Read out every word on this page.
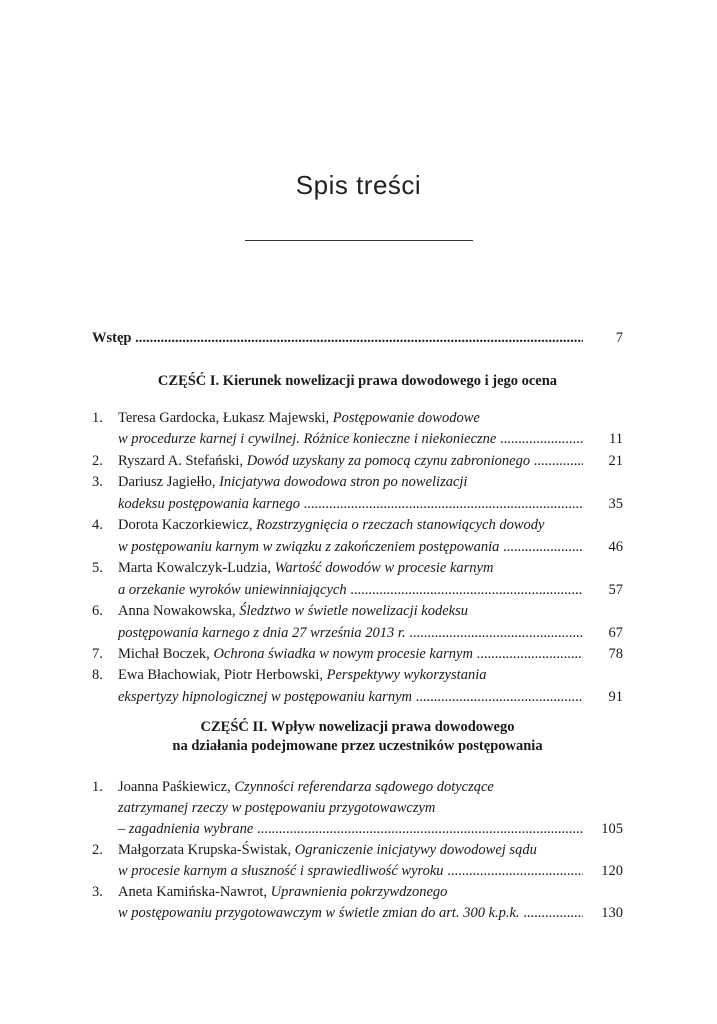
Spis treści
Wstęp .....	7
CZĘŚĆ I. Kierunek nowelizacji prawa dowodowego i jego ocena
1. Teresa Gardocka, Łukasz Majewski, Postępowanie dowodowe
w procedurze karnej i cywilnej. Różnice konieczne i niekonieczne .....	11
2. Ryszard A. Stefański, Dowód uzyskany za pomocą czynu zabronionego .....	21
3. Dariusz Jagiełło, Inicjatywa dowodowa stron po nowelizacji
kodeksu postępowania karnego .....	35
4. Dorota Kaczorkiewicz, Rozstrzygnięcia o rzeczach stanowiących dowody
w postępowaniu karnym w związku z zakończeniem postępowania .....	46
5. Marta Kowalczyk-Ludzia, Wartość dowodów w procesie karnym
a orzekanie wyroków uniewinniających .....	57
6. Anna Nowakowska, Śledztwo w świetle nowelizacji kodeksu
postępowania karnego z dnia 27 września 2013 r. .....	67
7. Michał Boczek, Ochrona świadka w nowym procesie karnym .....	78
8. Ewa Błachowiak, Piotr Herbowski, Perspektywy wykorzystania
ekspertyzy hipnologicznej w postępowaniu karnym .....	91
CZĘŚĆ II. Wpływ nowelizacji prawa dowodowego
na działania podejmowane przez uczestników postępowania
1. Joanna Paśkiewicz, Czynności referendarza sądowego dotyczące
zatrzymanej rzeczy w postępowaniu przygotowawczym
– zagadnienia wybrane .....	105
2. Małgorzata Krupska-Świstak, Ograniczenie inicjatywy dowodowej sądu
w procesie karnym a słuszność i sprawiedliwość wyroku .....	120
3. Aneta Kamińska-Nawrot, Uprawnienia pokrzywdzonego
w postępowaniu przygotowawczym w świetle zmian do art. 300 k.p.k. .....	130
